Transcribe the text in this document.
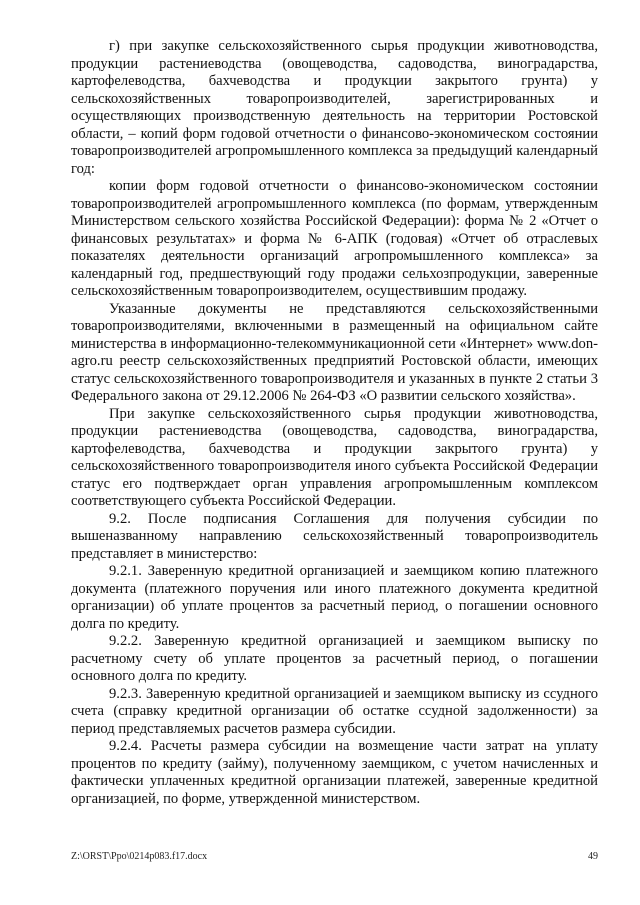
г) при закупке сельскохозяйственного сырья продукции животноводства, продукции растениеводства (овощеводства, садоводства, виноградарства, картофелеводства, бахчеводства и продукции закрытого грунта) у сельскохозяйственных товаропроизводителей, зарегистрированных и осуществляющих производственную деятельность на территории Ростовской области, – копий форм годовой отчетности о финансово-экономическом состоянии товаропроизводителей агропромышленного комплекса за предыдущий календарный год:

копии форм годовой отчетности о финансово-экономическом состоянии товаропроизводителей агропромышленного комплекса (по формам, утвержденным Министерством сельского хозяйства Российской Федерации): форма № 2 «Отчет о финансовых результатах» и форма № 6-АПК (годовая) «Отчет об отраслевых показателях деятельности организаций агропромышленного комплекса» за календарный год, предшествующий году продажи сельхозпродукции, заверенные сельскохозяйственным товаропроизводителем, осуществившим продажу.

Указанные документы не представляются сельскохозяйственными товаропроизводителями, включенными в размещенный на официальном сайте министерства в информационно-телекоммуникационной сети «Интернет» www.don-agro.ru реестр сельскохозяйственных предприятий Ростовской области, имеющих статус сельскохозяйственного товаропроизводителя и указанных в пункте 2 статьи 3 Федерального закона от 29.12.2006 № 264-ФЗ «О развитии сельского хозяйства».

При закупке сельскохозяйственного сырья продукции животноводства, продукции растениеводства (овощеводства, садоводства, виноградарства, картофелеводства, бахчеводства и продукции закрытого грунта) у сельскохозяйственного товаропроизводителя иного субъекта Российской Федерации статус его подтверждает орган управления агропромышленным комплексом соответствующего субъекта Российской Федерации.

9.2. После подписания Соглашения для получения субсидии по вышеназванному направлению сельскохозяйственный товаропроизводитель представляет в министерство:

9.2.1. Заверенную кредитной организацией и заемщиком копию платежного документа (платежного поручения или иного платежного документа кредитной организации) об уплате процентов за расчетный период, о погашении основного долга по кредиту.

9.2.2. Заверенную кредитной организацией и заемщиком выписку по расчетному счету об уплате процентов за расчетный период, о погашении основного долга по кредиту.

9.2.3. Заверенную кредитной организацией и заемщиком выписку из ссудного счета (справку кредитной организации об остатке ссудной задолженности) за период представляемых расчетов размера субсидии.

9.2.4. Расчеты размера субсидии на возмещение части затрат на уплату процентов по кредиту (займу), полученному заемщиком, с учетом начисленных и фактически уплаченных кредитной организации платежей, заверенные кредитной организацией, по форме, утвержденной министерством.

Z:\ORST\Ppo\0214p083.f17.docx	49
